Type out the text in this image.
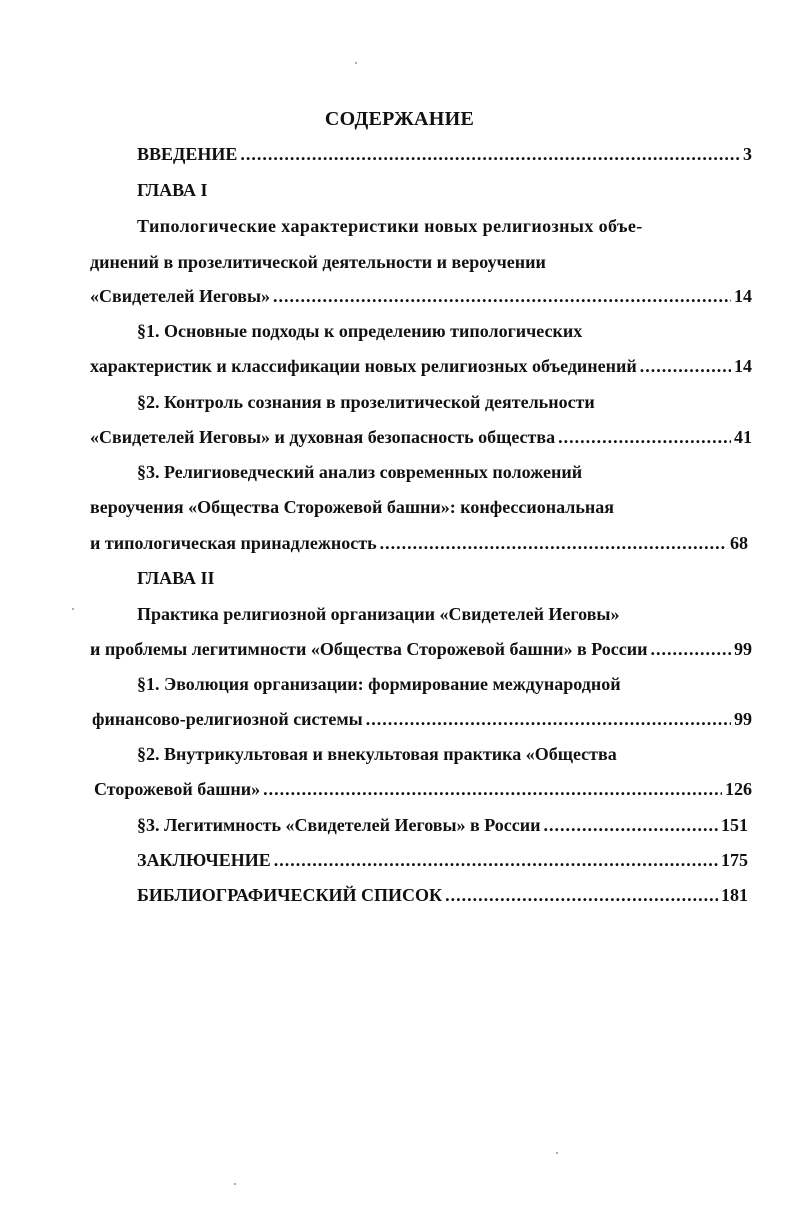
СОДЕРЖАНИЕ
ВВЕДЕНИЕ .....	3
ГЛАВА I
Типологические характеристики новых религиозных объе-
динений в прозелитической деятельности и вероучении
«Свидетелей Иеговы» .....	14
§1. Основные подходы к определению типологических
характеристик и классификации новых религиозных объединений .....	14
§2. Контроль сознания в прозелитической деятельности
«Свидетелей Иеговы» и духовная безопасность общества .....	41
§3. Религиоведческий анализ современных положений
вероучения «Общества Сторожевой башни»: конфессиональная
и типологическая принадлежность .....	68
ГЛАВА II
Практика религиозной организации «Свидетелей Иеговы»
и проблемы легитимности «Общества Сторожевой башни» в России .....	99
§1. Эволюция организации: формирование международной
финансово-религиозной системы .....	99
§2. Внутрикультовая и внекультовая практика «Общества
Сторожевой башни» .....	126
§3. Легитимность «Свидетелей Иеговы» в России .....	151
ЗАКЛЮЧЕНИЕ .....	175
БИБЛИОГРАФИЧЕСКИЙ СПИСОК .....	181
